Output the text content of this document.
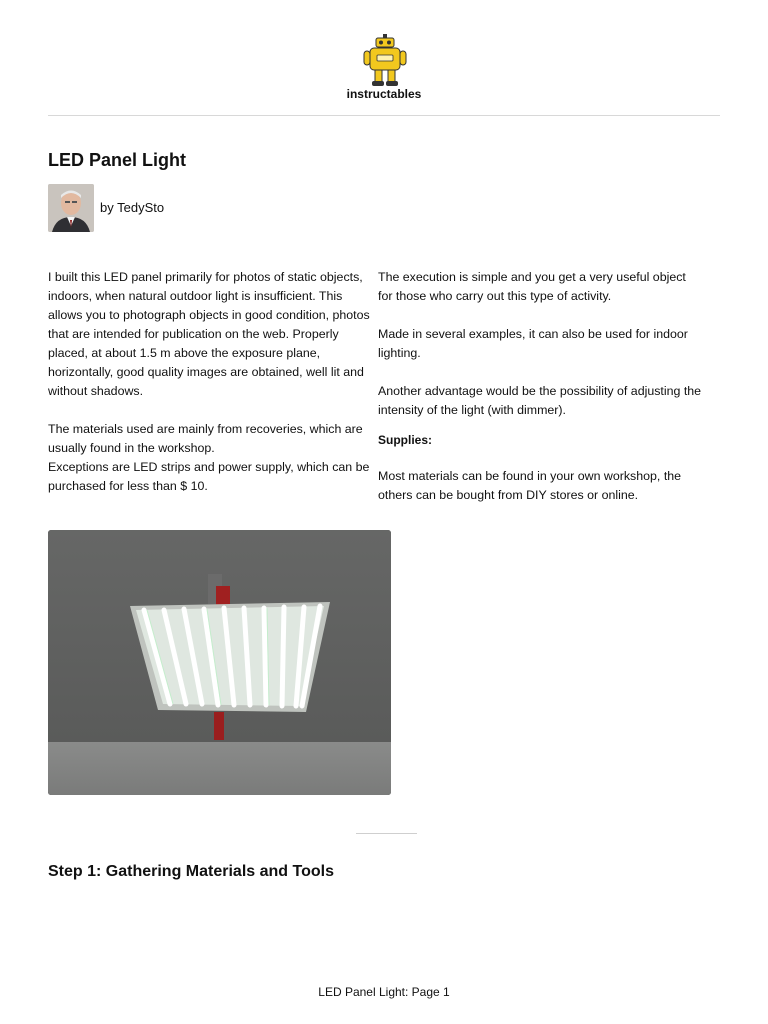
instructables
LED Panel Light
by TedySto

I built this LED panel primarily for photos of static objects, indoors, when natural outdoor light is insufficient. This allows you to photograph objects in good condition, photos that are intended for publication on the web. Properly placed, at about 1.5 m above the exposure plane, horizontally, good quality images are obtained, well lit and without shadows.

The materials used are mainly from recoveries, which are usually found in the workshop.

Exceptions are LED strips and power supply, which can be purchased for less than $ 10.

The execution is simple and you get a very useful object for those who carry out this type of activity.

Made in several examples, it can also be used for indoor lighting.

Another advantage would be the possibility of adjusting the intensity of the light (with dimmer).

Supplies:

Most materials can be found in your own workshop, the others can be bought from DIY stores or online.

Step 1: Gathering Materials and Tools
LED Panel Light: Page 1
